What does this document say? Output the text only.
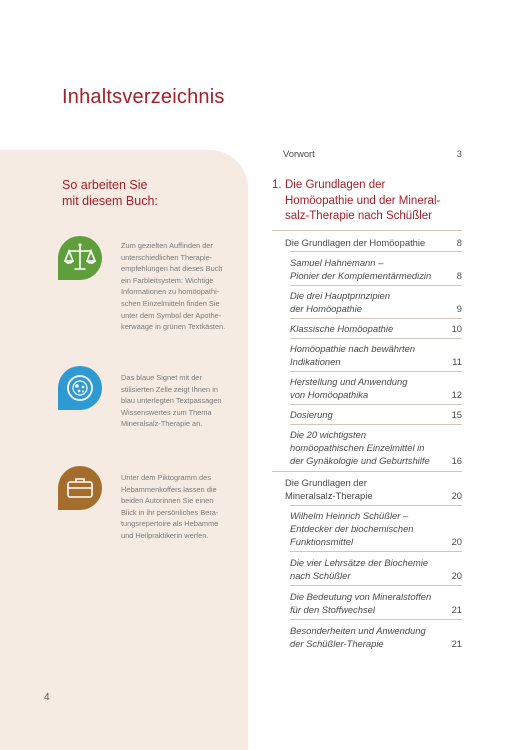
Inhaltsverzeichnis
So arbeiten Sie
mit diesem Buch:
Zum gezielten Auffinden der
unterschiedlichen Therapie-
empfehlungen hat dieses Buch
ein Farbleitsystem: Wichtige
Informationen zu homöopathi-
schen Einzelmitteln finden Sie
unter dem Symbol der Apothe-
kerwaage in grünen Textkästen.
Das blaue Signet mit der
stilisierten Zelle zeigt Ihnen in
blau unterlegten Textpassagen
Wissenswertes zum Thema
Mineralsalz-Therapie an.
Unter dem Piktogramm des
Hebammenkoffers lassen die
beiden Autorinnen Sie einen
Blick in ihr persönliches Bera-
tungsrepertoire als Hebamme
und Heilpraktikerin werfen.
Vorwort	3
1. Die Grundlagen der
Homöopathie und der Mineral-
salz-Therapie nach Schüßler
Die Grundlagen der Homöopathie	8
Samuel Hahnemann –
Pionier der Komplementärmedizin	8
Die drei Hauptprinzipien
der Homöopathie	9
Klassische Homöopathie	10
Homöopathie nach bewährten
Indikationen	11
Herstellung und Anwendung
von Homöopathika	12
Dosierung	15
Die 20 wichtigsten
homöopathischen Einzelmittel in
der Gynäkologie und Geburtshilfe 16
Die Grundlagen der
Mineralsalz-Therapie	20
Wilhelm Heinrich Schüßler –
Entdecker der biochemischen
Funktionsmittel	20
Die vier Lehrsätze der Biochemie
nach Schüßler	20
Die Bedeutung von Mineralstoffen
für den Stoffwechsel	21
Besonderheiten und Anwendung
der Schüßler-Therapie	21
4
